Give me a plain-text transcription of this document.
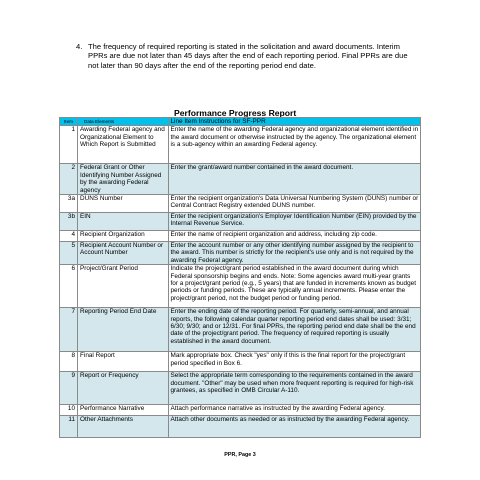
4. The frequency of required reporting is stated in the solicitation and award documents. Interim PPRs are due not later than 45 days after the end of each reporting period. Final PPRs are due not later than 90 days after the end of the reporting period end date.
Performance Progress Report
Item	Data Elements	Line Item Instructions for SF-PPR
1	Awarding Federal agency and Organizational Element to Which Report is Submitted	Enter the name of the awarding Federal agency and organizational element identified in the award document or otherwise instructed by the agency. The organizational element is a sub-agency within an awarding Federal agency.
2	Federal Grant or Other Identifying Number Assigned by the awarding Federal agency	Enter the grant/award number contained in the award document.
3a	DUNS Number	Enter the recipient organization's Data Universal Numbering System (DUNS) number or Central Contract Registry extended DUNS number.
3b	EIN	Enter the recipient organization's Employer Identification Number (EIN) provided by the Internal Revenue Service.
4	Recipient Organization	Enter the name of recipient organization and address, including zip code.
5	Recipient Account Number or Account Number	Enter the account number or any other identifying number assigned by the recipient to the award. This number is strictly for the recipient's use only and is not required by the awarding Federal agency.
6	Project/Grant Period	Indicate the project/grant period established in the award document during which Federal sponsorship begins and ends. Note: Some agencies award multi-year grants for a project/grant period (e.g., 5 years) that are funded in increments known as budget periods or funding periods. These are typically annual increments. Please enter the project/grant period, not the budget period or funding period.
7	Reporting Period End Date	Enter the ending date of the reporting period. For quarterly, semi-annual, and annual reports, the following calendar quarter reporting period end dates shall be used: 3/31; 6/30; 9/30; and or 12/31. For final PPRs, the reporting period end date shall be the end date of the project/grant period. The frequency of required reporting is usually established in the award document.
8	Final Report	Mark appropriate box. Check "yes" only if this is the final report for the project/grant period specified in Box 6.
9	Report or Frequency	Select the appropriate term corresponding to the requirements contained in the award document. "Other" may be used when more frequent reporting is required for high-risk grantees, as specified in OMB Circular A-110.
10	Performance Narrative	Attach performance narrative as instructed by the awarding Federal agency.
11	Other Attachments	Attach other documents as needed or as instructed by the awarding Federal agency.
PPR, Page 3
